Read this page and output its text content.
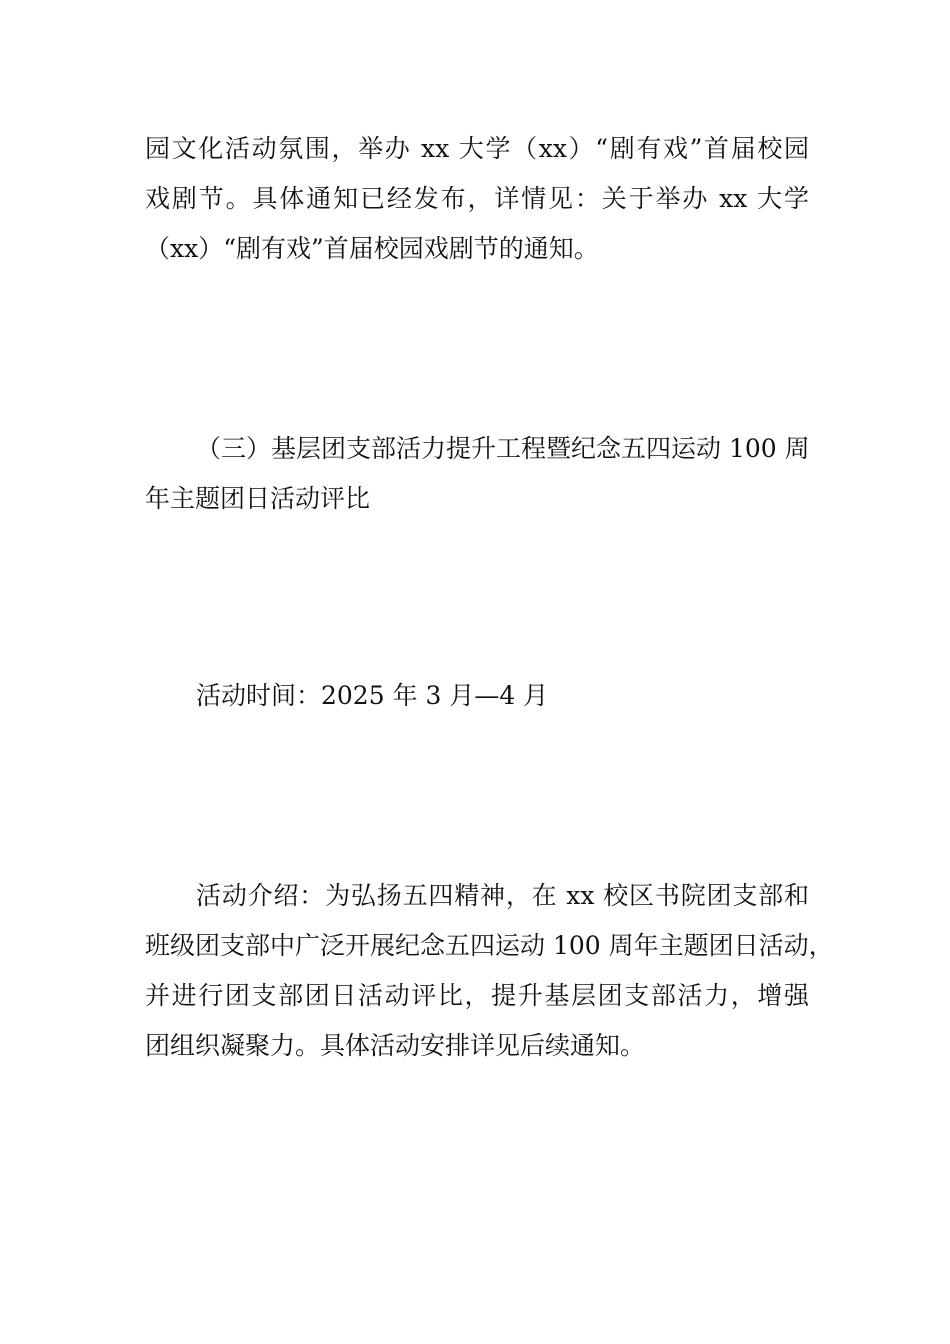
园文化活动氛围，举办 xx 大学（xx）“剧有戏”首届校园
戏剧节。具体通知已经发布，详情见：关于举办 xx 大学
（xx）“剧有戏”首届校园戏剧节的通知。
（三）基层团支部活力提升工程暨纪念五四运动 100 周
年主题团日活动评比
活动时间：2025 年 3 月—4 月
活动介绍：为弘扬五四精神，在 xx 校区书院团支部和
班级团支部中广泛开展纪念五四运动 100 周年主题团日活动，
并进行团支部团日活动评比，提升基层团支部活力，增强
团组织凝聚力。具体活动安排详见后续通知。
